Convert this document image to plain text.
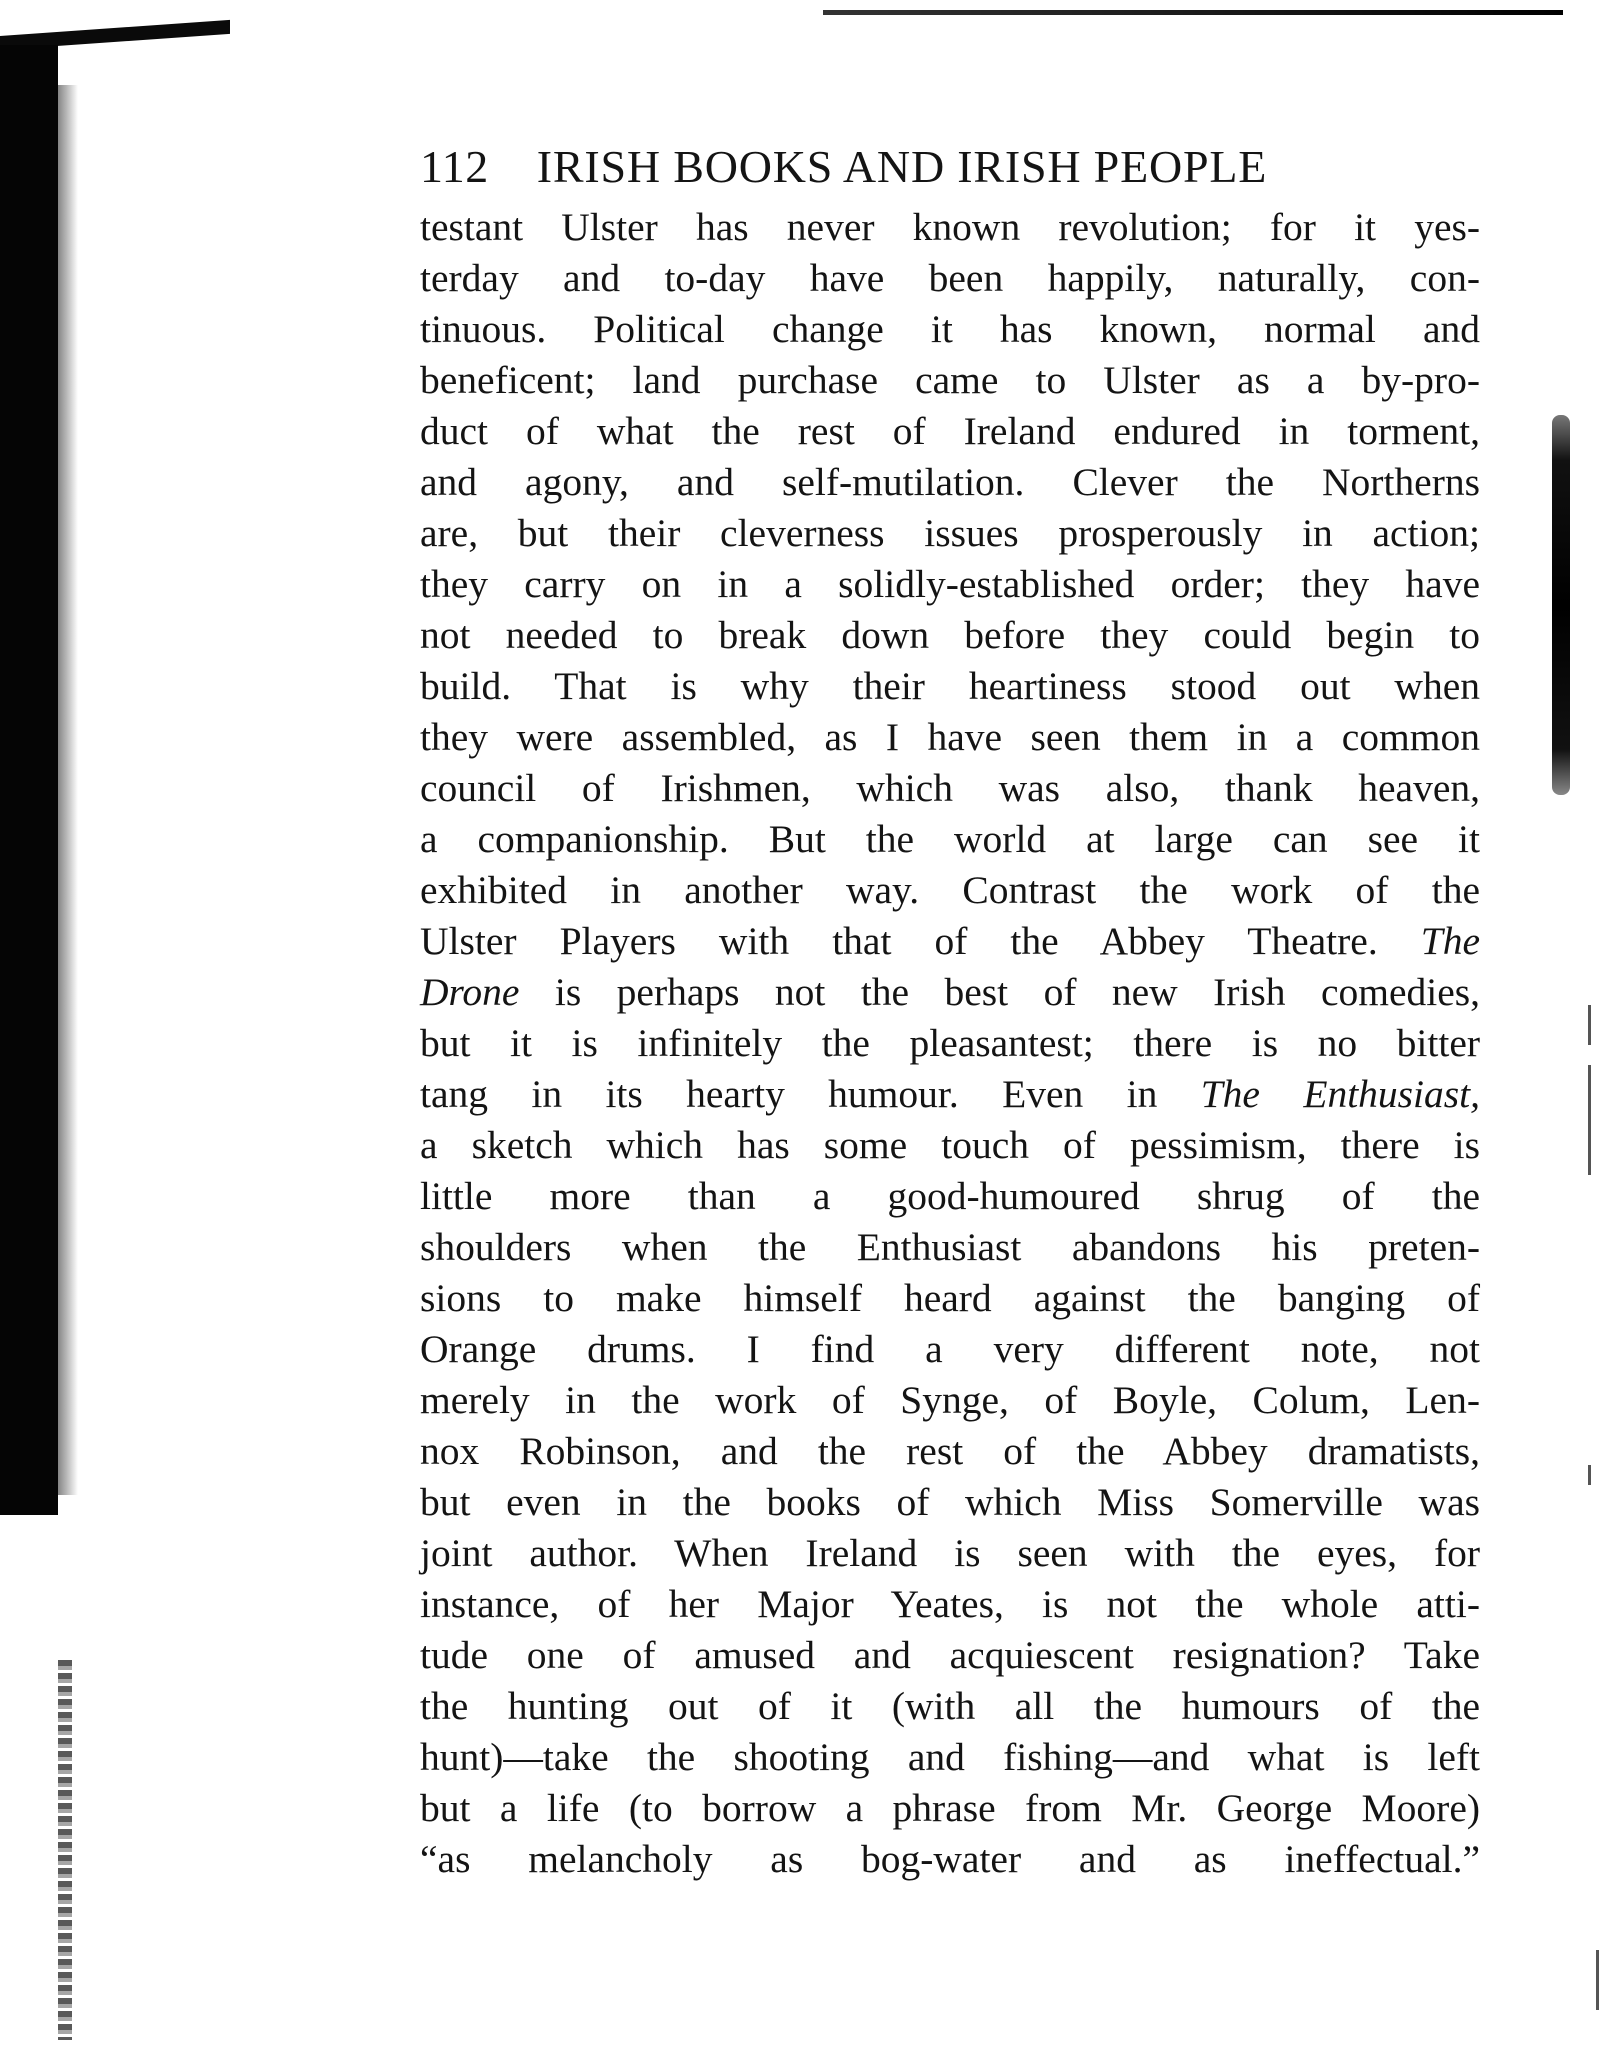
112 IRISH BOOKS AND IRISH PEOPLE
testant Ulster has never known revolution; for it yes-
terday and to-day have been happily, naturally, con-
tinuous. Political change it has known, normal and
beneficent; land purchase came to Ulster as a by-pro-
duct of what the rest of Ireland endured in torment,
and agony, and self-mutilation. Clever the Northerns
are, but their cleverness issues prosperously in action;
they carry on in a solidly-established order; they have
not needed to break down before they could begin to
build. That is why their heartiness stood out when
they were assembled, as I have seen them in a common
council of Irishmen, which was also, thank heaven,
a companionship. But the world at large can see it
exhibited in another way. Contrast the work of the
Ulster Players with that of the Abbey Theatre. The
Drone is perhaps not the best of new Irish comedies,
but it is infinitely the pleasantest; there is no bitter
tang in its hearty humour. Even in The Enthusiast,
a sketch which has some touch of pessimism, there is
little more than a good-humoured shrug of the
shoulders when the Enthusiast abandons his preten-
sions to make himself heard against the banging of
Orange drums. I find a very different note, not
merely in the work of Synge, of Boyle, Colum, Len-
nox Robinson, and the rest of the Abbey dramatists,
but even in the books of which Miss Somerville was
joint author. When Ireland is seen with the eyes, for
instance, of her Major Yeates, is not the whole atti-
tude one of amused and acquiescent resignation? Take
the hunting out of it (with all the humours of the
hunt)—take the shooting and fishing—and what is left
but a life (to borrow a phrase from Mr. George Moore)
“as melancholy as bog-water and as ineffectual.”
